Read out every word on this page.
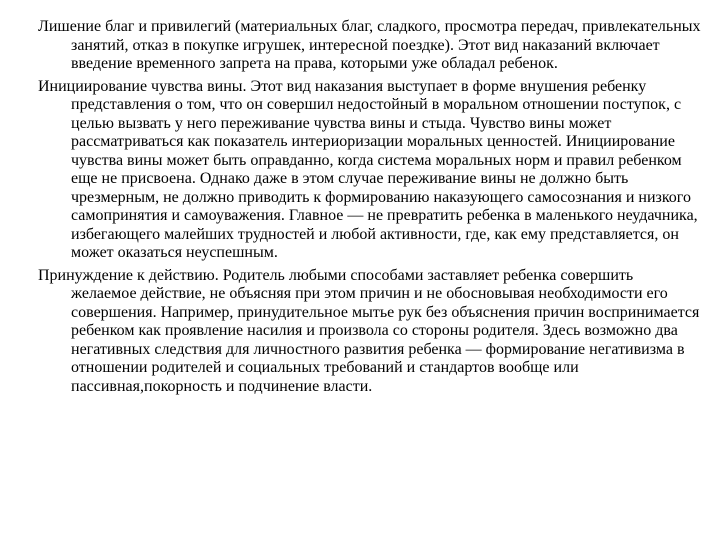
Лишение благ и привилегий (материальных благ, сладкого, просмотра передач, привлекательных занятий, отказ в покупке игрушек, интересной поездке). Этот вид наказаний включает введение временного запрета на права, которыми уже обладал ребенок.

Инициирование чувства вины. Этот вид наказания выступает в форме внушения ребенку представления о том, что он совершил недостойный в моральном отношении поступок, с целью вызвать у него переживание чувства вины и стыда. Чувство вины может рассматриваться как показатель интериоризации моральных ценностей. Инициирование чувства вины может быть оправданно, когда система моральных норм и правил ребенком еще не присвоена. Однако даже в этом случае переживание вины не должно быть чрезмерным, не должно приводить к формированию наказующего самосознания и низкого самопринятия и самоуважения. Главное — не превратить ребенка в маленького неудачника, избегающего малейших трудностей и любой активности, где, как ему представляется, он может оказаться неуспешным.

Принуждение к действию. Родитель любыми способами заставляет ребенка совершить желаемое действие, не объясняя при этом причин и не обосновывая необходимости его совершения. Например, принудительное мытье рук без объяснения причин воспринимается ребенком как проявление насилия и произвола со стороны родителя. Здесь возможно два негативных следствия для личностного развития ребенка — формирование негативизма в отношении родителей и социальных требований и стандартов вообще или пассивная,покорность и подчинение власти.
